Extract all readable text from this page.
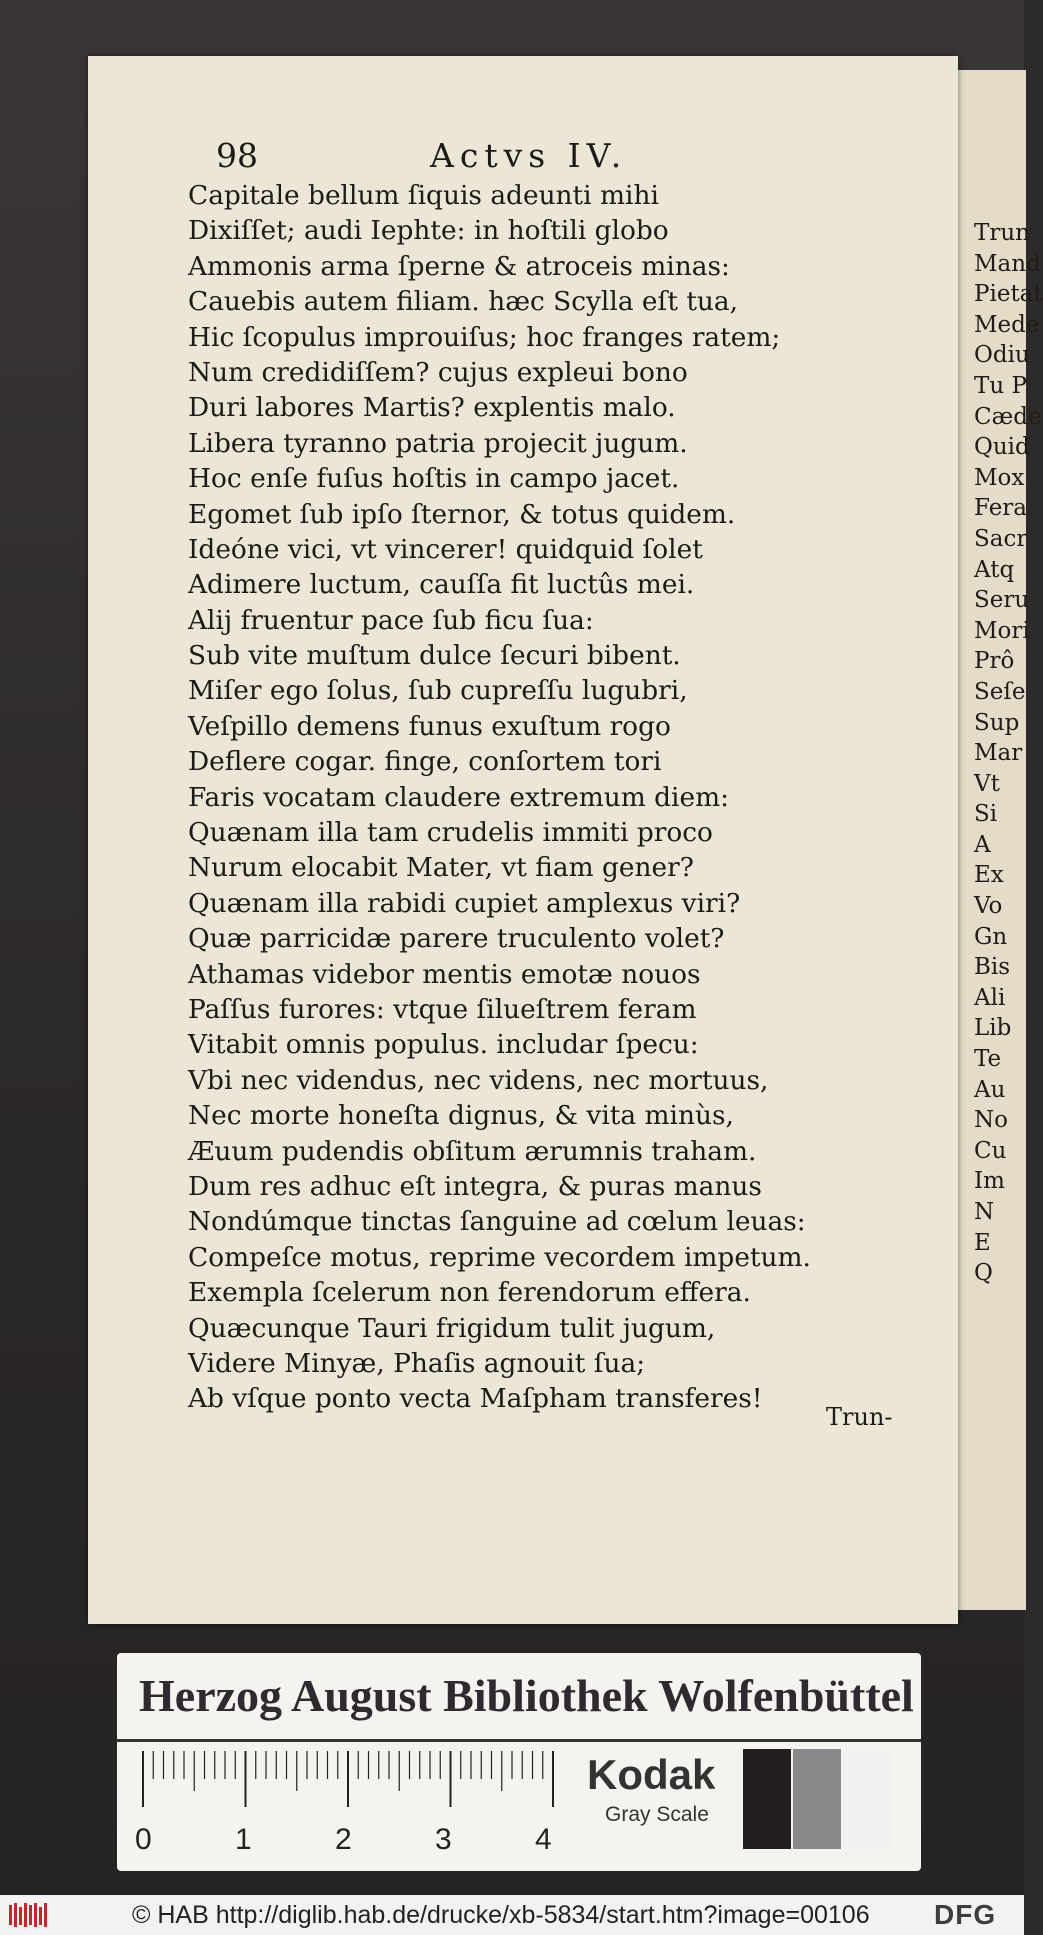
Trun
Mand
Pietat
Mede
Odiu
Tu P
Cæde
Quid
Mox
Fera
Sacr
Atq
Seru
Mori
Prô
Seſe
Sup
Mar
Vt
Si
A
Ex
Vo
Gn
Bis
Ali
Lib
Te
Au
No
Cu
Im
N
E
Q
98	Actvs IV.
Capitale bellum ſiquis adeunti mihi
Dixiſſet; audi Iephte: in hoſtili globo
Ammonis arma ſperne & atroceis minas:
Cauebis autem filiam. hæc Scylla eſt tua,
Hic ſcopulus improuiſus; hoc franges ratem;
Num credidiſſem? cujus expleui bono
Duri labores Martis? explentis malo.
Libera tyranno patria projecit jugum.
Hoc enſe fuſus hoſtis in campo jacet.
Egomet ſub ipſo ſternor, & totus quidem.
Ideóne vici, vt vincerer! quidquid ſolet
Adimere luctum, cauſſa fit luctûs mei.
Alij fruentur pace ſub ficu ſua:
Sub vite muſtum dulce ſecuri bibent.
Miſer ego ſolus, ſub cupreſſu lugubri,
Veſpillo demens funus exuſtum rogo
Deflere cogar. finge, conſortem tori
Faris vocatam claudere extremum diem:
Quænam illa tam crudelis immiti proco
Nurum elocabit Mater, vt fiam gener?
Quænam illa rabidi cupiet amplexus viri?
Quæ parricidæ parere truculento volet?
Athamas videbor mentis emotæ nouos
Paſſus furores: vtque ſilueſtrem feram
Vitabit omnis populus. includar ſpecu:
Vbi nec videndus, nec videns, nec mortuus,
Nec morte honeſta dignus, & vita minùs,
Æuum pudendis obſitum ærumnis traham.
Dum res adhuc eſt integra, & puras manus
Nondúmque tinctas ſanguine ad cœlum leuas:
Compeſce motus, reprime vecordem impetum.
Exempla ſcelerum non ferendorum effera.
Quæcunque Tauri frigidum tulit jugum,
Videre Minyæ, Phaſis agnouit ſua;
Ab vſque ponto vecta Maſpham transferes!
Trun-
Herzog August Bibliothek Wolfenbüttel
0	1	2	3	4
Kodak
Gray Scale
© HAB http://diglib.hab.de/drucke/xb-5834/start.htm?image=00106 DFG
